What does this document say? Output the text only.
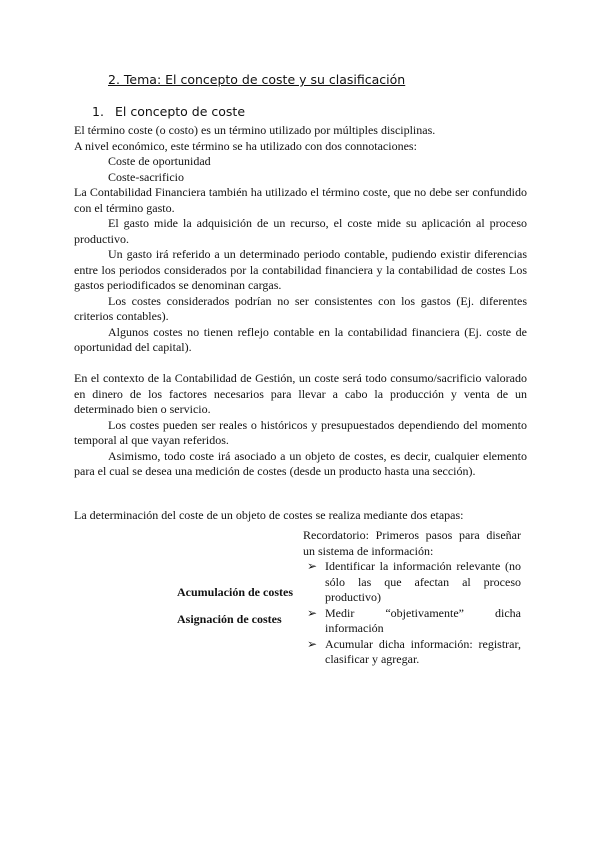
2. Tema: El concepto de coste y su clasificación
1. El concepto de coste

El término coste (o costo) es un término utilizado por múltiples disciplinas.

A nivel económico, este término se ha utilizado con dos connotaciones:

Coste de oportunidad

Coste-sacrificio

La Contabilidad Financiera también ha utilizado el término coste, que no debe ser confundido con el término gasto.

El gasto mide la adquisición de un recurso, el coste mide su aplicación al proceso productivo.

Un gasto irá referido a un determinado periodo contable, pudiendo existir diferencias entre los periodos considerados por la contabilidad financiera y la contabilidad de costes Los gastos periodificados se denominan cargas.

Los costes considerados podrían no ser consistentes con los gastos (Ej. diferentes criterios contables).

Algunos costes no tienen reflejo contable en la contabilidad financiera (Ej. coste de oportunidad del capital).

En el contexto de la Contabilidad de Gestión, un coste será todo consumo/sacrificio valorado en dinero de los factores necesarios para llevar a cabo la producción y venta de un determinado bien o servicio.

Los costes pueden ser reales o históricos y presupuestados dependiendo del momento temporal al que vayan referidos.

Asimismo, todo coste irá asociado a un objeto de costes, es decir, cualquier elemento para el cual se desea una medición de costes (desde un producto hasta una sección).

La determinación del coste de un objeto de costes se realiza mediante dos etapas:
Acumulación de costes
Asignación de costes
Recordatorio: Primeros pasos para diseñar un sistema de información:
➢ Identificar la información relevante (no sólo las que afectan al proceso productivo)
➢ Medir “objetivamente” dicha información
➢ Acumular dicha información: registrar, clasificar y agregar.
